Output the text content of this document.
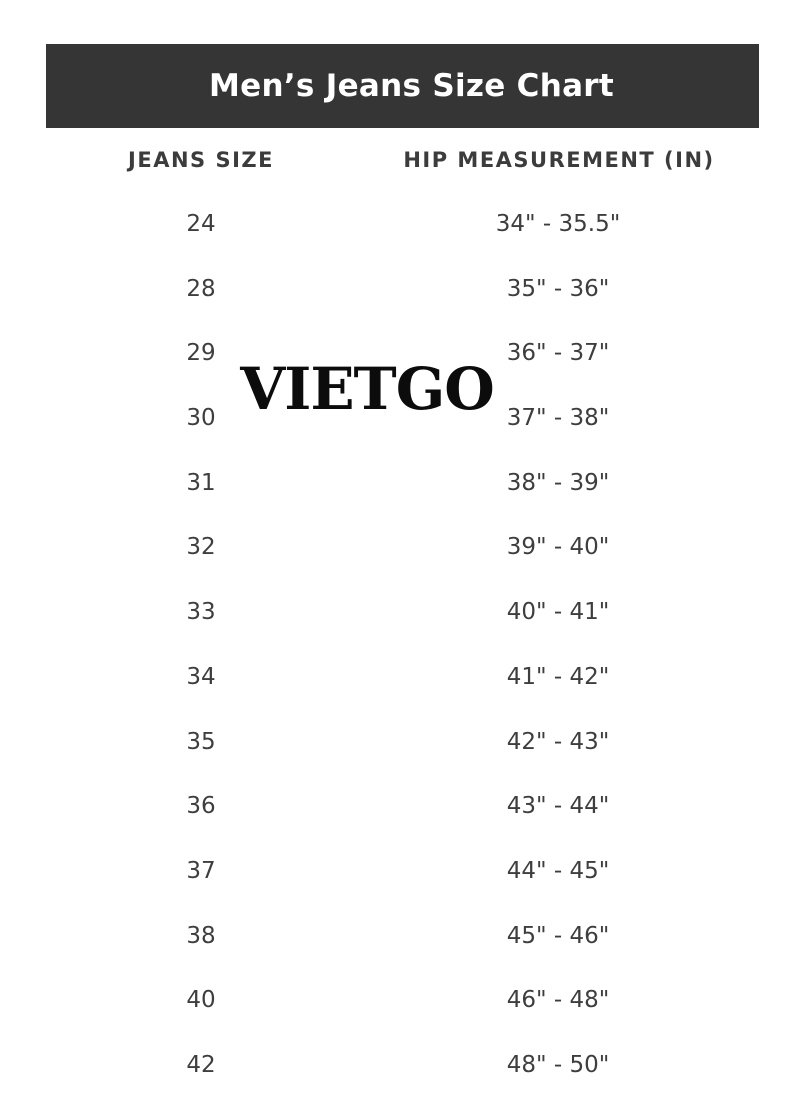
Men’s Jeans Size Chart
JEANS SIZE	HIP MEASUREMENT (IN)
24	34" - 35.5"
28	35" - 36"
29	36" - 37"
30	37" - 38"
31	38" - 39"
32	39" - 40"
33	40" - 41"
34	41" - 42"
35	42" - 43"
36	43" - 44"
37	44" - 45"
38	45" - 46"
40	46" - 48"
42	48" - 50"
VIETGO
